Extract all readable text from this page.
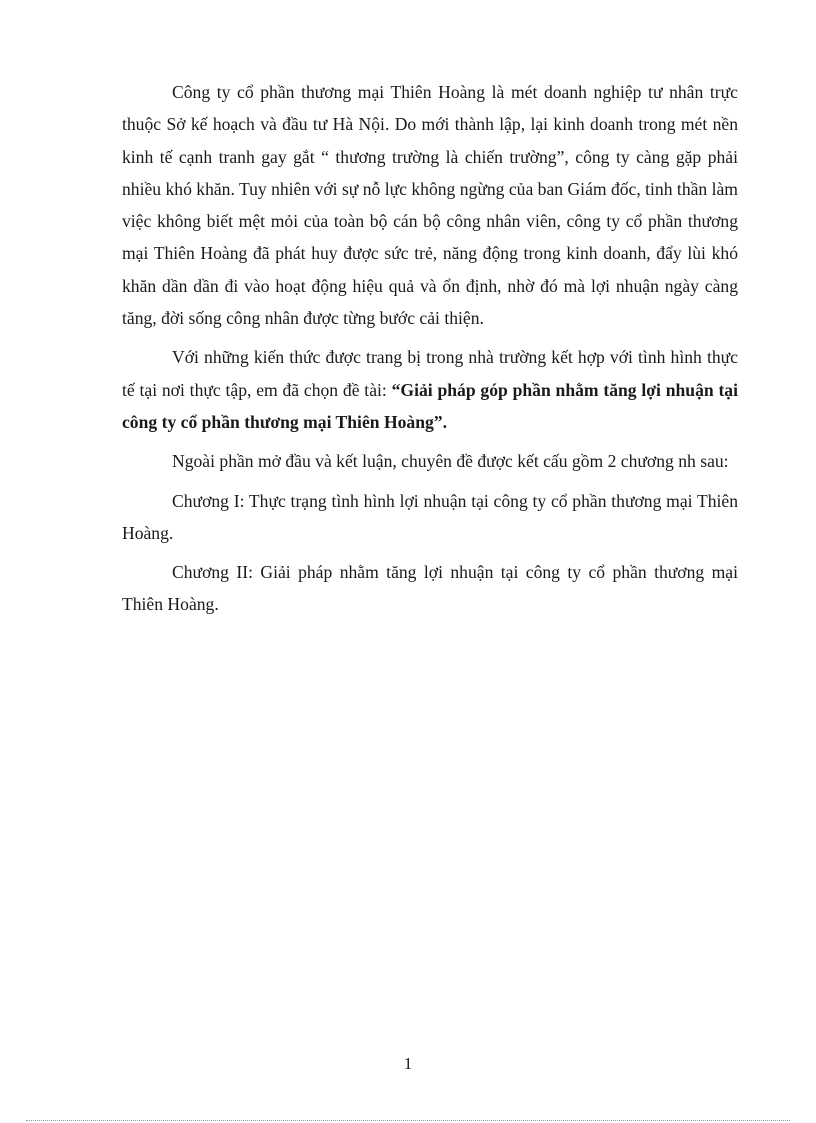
Công ty cổ phần thương mại Thiên Hoàng là mét doanh nghiệp tư nhân trực thuộc Sở kế hoạch và đầu tư Hà Nội. Do mới thành lập, lại kinh doanh trong mét nền kinh tế cạnh tranh gay gắt “ thương trường là chiến trường”, công ty càng gặp phải nhiều khó khăn. Tuy nhiên với sự nỗ lực không ngừng của ban Giám đốc, tinh thần làm việc không biết mệt mỏi của toàn bộ cán bộ công nhân viên, công ty cổ phần thương mại Thiên Hoàng đã phát huy được sức trẻ, năng động trong kinh doanh, đẩy lùi khó khăn dần dần đi vào hoạt động hiệu quả và ổn định, nhờ đó mà lợi nhuận ngày càng tăng, đời sống công nhân được từng bước cải thiện.

Với những kiến thức được trang bị trong nhà trường kết hợp với tình hình thực tế tại nơi thực tập, em đã chọn đề tài: “Giải pháp góp phần nhằm tăng lợi nhuận tại công ty cổ phần thương mại Thiên Hoàng”.

Ngoài phần mở đầu và kết luận, chuyên đề được kết cấu gồm 2 chương nh sau:

Chương I: Thực trạng tình hình lợi nhuận tại công ty cổ phần thương mại Thiên Hoàng.

Chương II: Giải pháp nhằm tăng lợi nhuận tại công ty cổ phần thương mại Thiên Hoàng.

1
